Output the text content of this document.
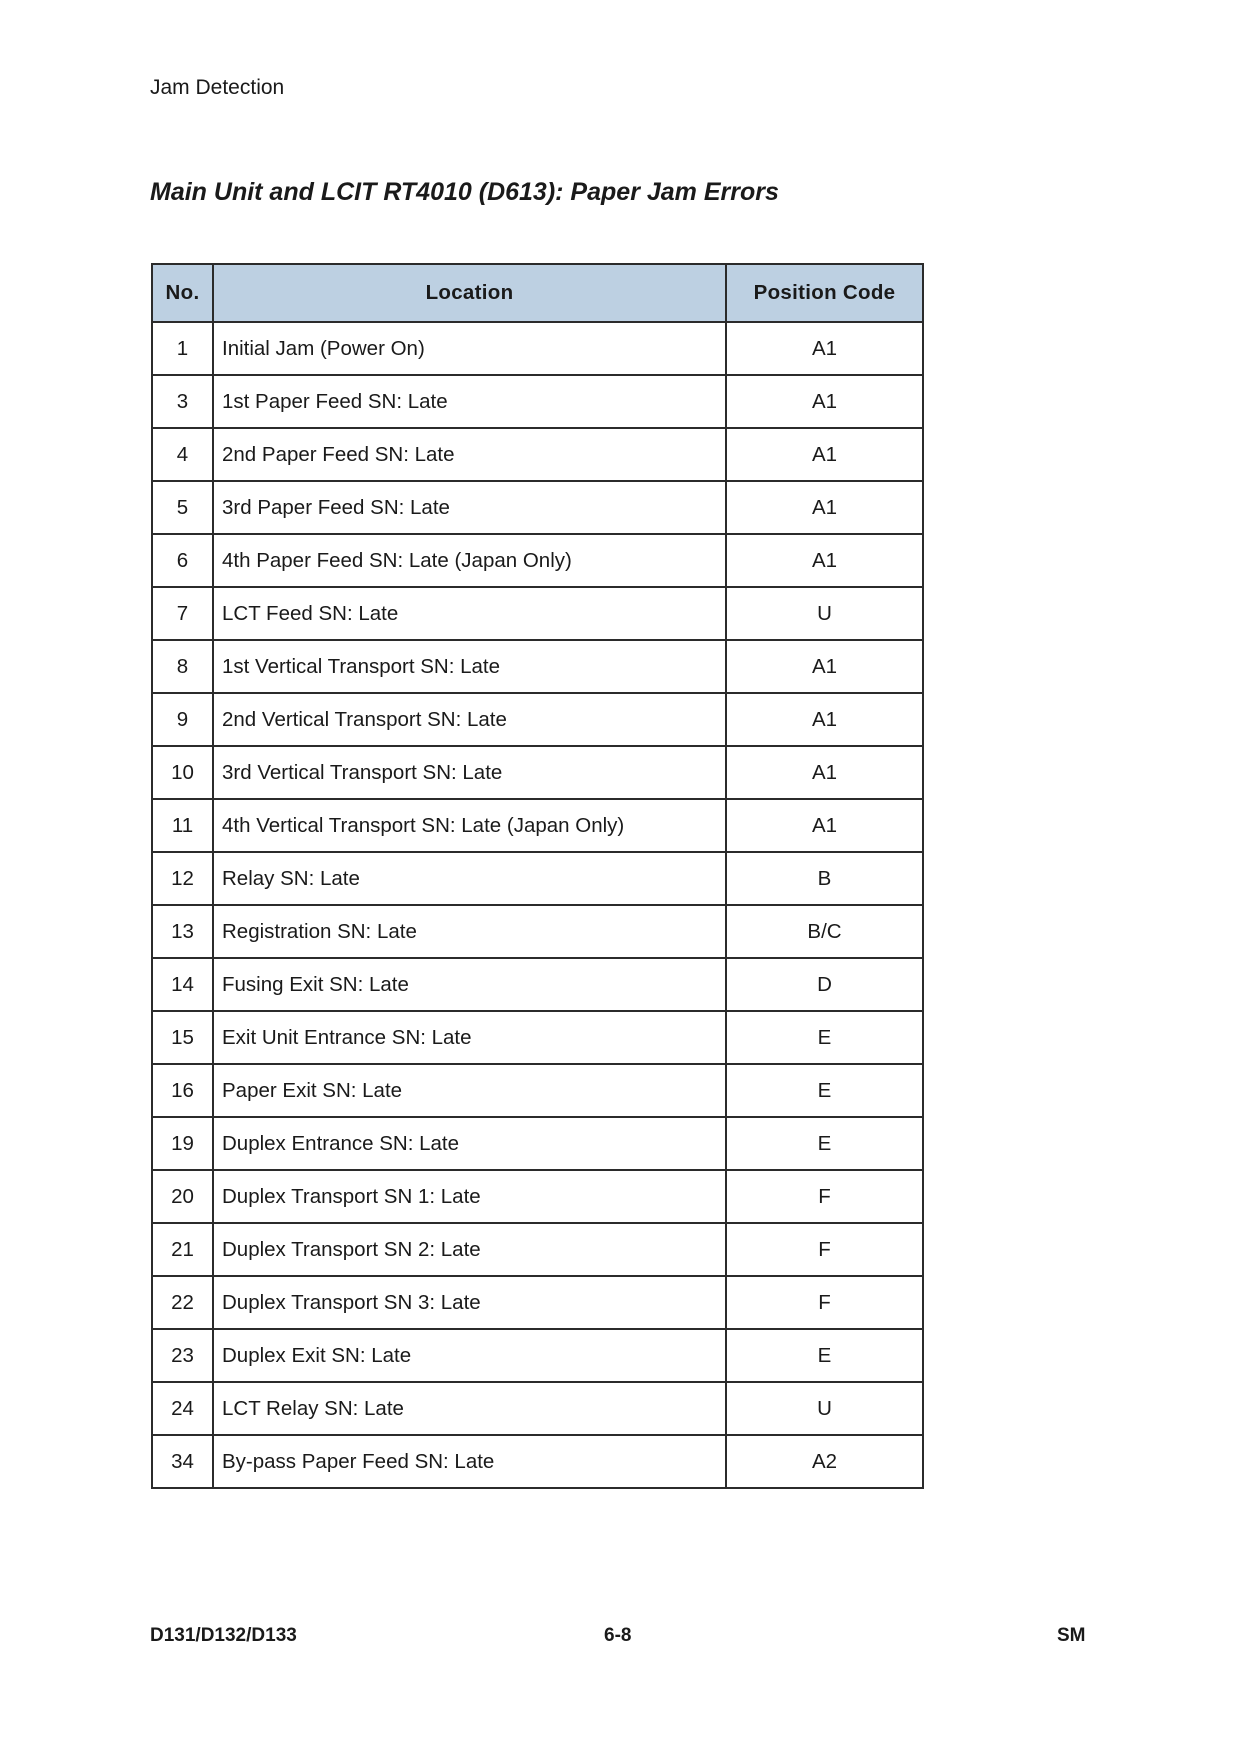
Jam Detection
Main Unit and LCIT RT4010 (D613): Paper Jam Errors
No.	Location	Position Code
1	Initial Jam (Power On)	A1
3	1st Paper Feed SN: Late	A1
4	2nd Paper Feed SN: Late	A1
5	3rd Paper Feed SN: Late	A1
6	4th Paper Feed SN: Late (Japan Only)	A1
7	LCT Feed SN: Late	U
8	1st Vertical Transport SN: Late	A1
9	2nd Vertical Transport SN: Late	A1
10	3rd Vertical Transport SN: Late	A1
11	4th Vertical Transport SN: Late (Japan Only)	A1
12	Relay SN: Late	B
13	Registration SN: Late	B/C
14	Fusing Exit SN: Late	D
15	Exit Unit Entrance SN: Late	E
16	Paper Exit SN: Late	E
19	Duplex Entrance SN: Late	E
20	Duplex Transport SN 1: Late	F
21	Duplex Transport SN 2: Late	F
22	Duplex Transport SN 3: Late	F
23	Duplex Exit SN: Late	E
24	LCT Relay SN: Late	U
34	By-pass Paper Feed SN: Late	A2
D131/D132/D133	6-8	SM
